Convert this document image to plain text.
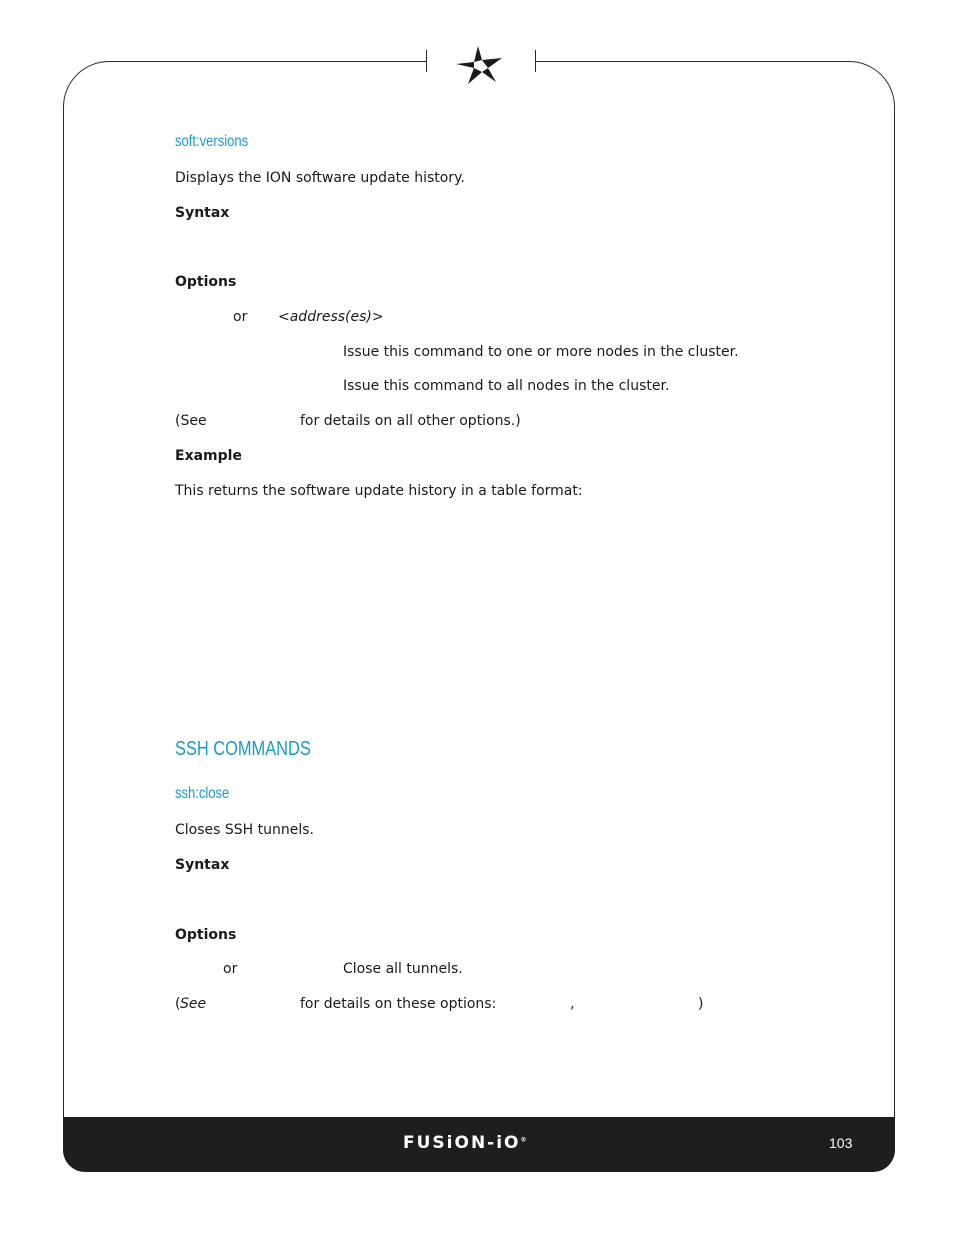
soft:versions
Displays the ION software update history.
Syntax
Options
or <address(es)>
Issue this command to one or more nodes in the cluster.
Issue this command to all nodes in the cluster.
(See	for details on all other options.)
Example
This returns the software update history in a table format:
SSH COMMANDS
ssh:close
Closes SSH tunnels.
Syntax
Options
or	Close all tunnels.
( See	for details on these options:	,	)
FUSiON-iO®	103
